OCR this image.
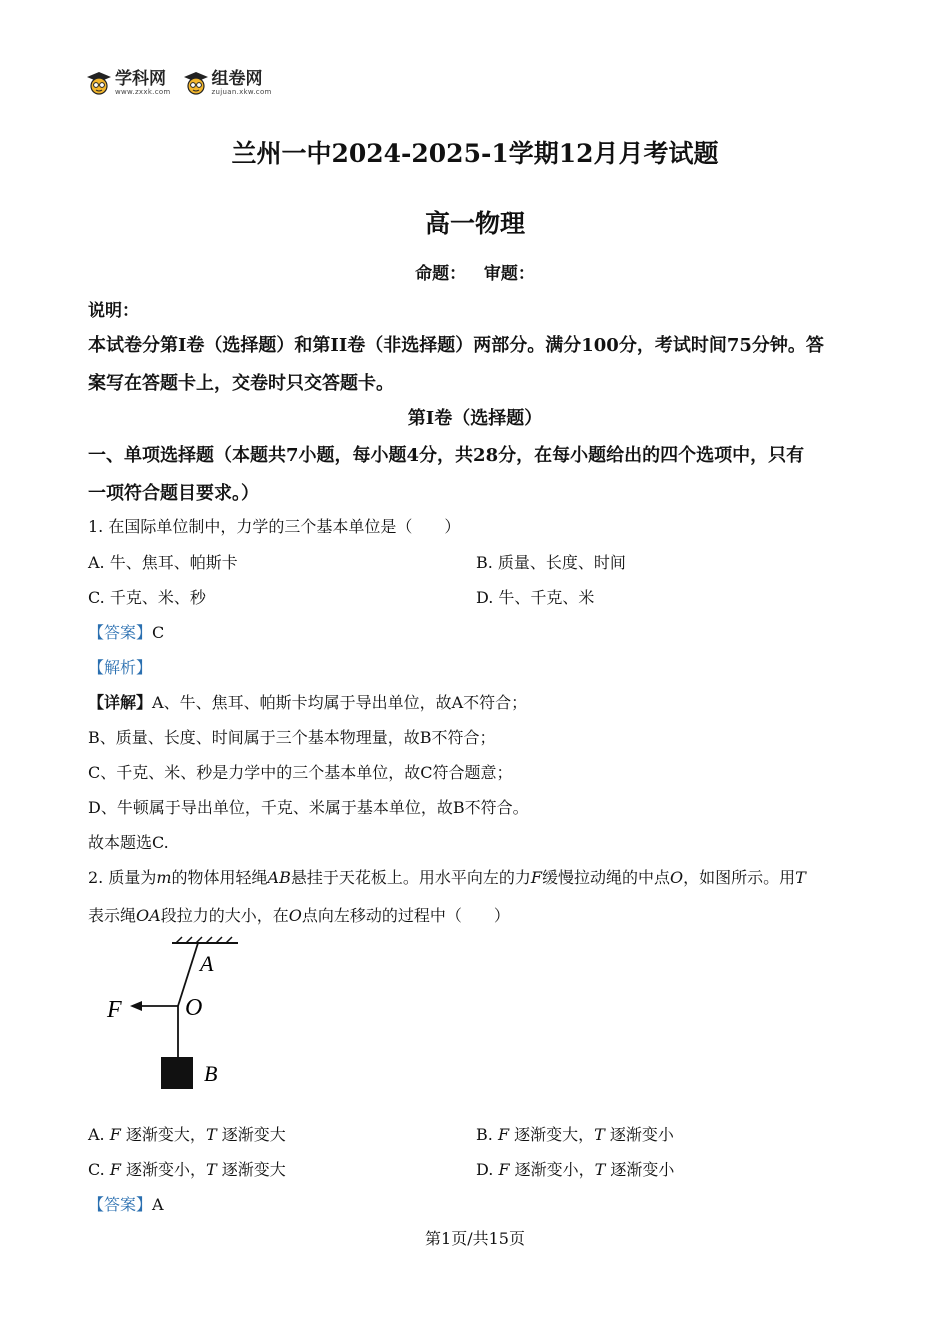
学科网
www.zxxk.com
组卷网
zujuan.xkw.com
兰州一中2024-2025-1学期12月月考试题
高一物理
命题：   审题：
说明：
本试卷分第I卷（选择题）和第II卷（非选择题）两部分。满分100分，考试时间75分钟。答
案写在答题卡上，交卷时只交答题卡。
第I卷（选择题）
一、单项选择题（本题共7小题，每小题4分，共28分，在每小题给出的四个选项中，只有
一项符合题目要求。）
1. 在国际单位制中，力学的三个基本单位是（　　）
A. 牛、焦耳、帕斯卡	B. 质量、长度、时间
C. 千克、米、秒	D. 牛、千克、米
【答案】C
【解析】
【详解】A、牛、焦耳、帕斯卡均属于导出单位，故A不符合；
B、质量、长度、时间属于三个基本物理量，故B不符合；
C、千克、米、秒是力学中的三个基本单位，故C符合题意；
D、牛顿属于导出单位，千克、米属于基本单位，故B不符合。
故本题选C.
2. 质量为m的物体用轻绳AB悬挂于天花板上。用水平向左的力F缓慢拉动绳的中点O，如图所示。用T
表示绳OA段拉力的大小，在O点向左移动的过程中（　　）
A
O
F
B
A. F 逐渐变大，T 逐渐变大	B. F 逐渐变大，T 逐渐变小
C. F 逐渐变小，T 逐渐变大	D. F 逐渐变小，T 逐渐变小
【答案】A
第1页/共15页
